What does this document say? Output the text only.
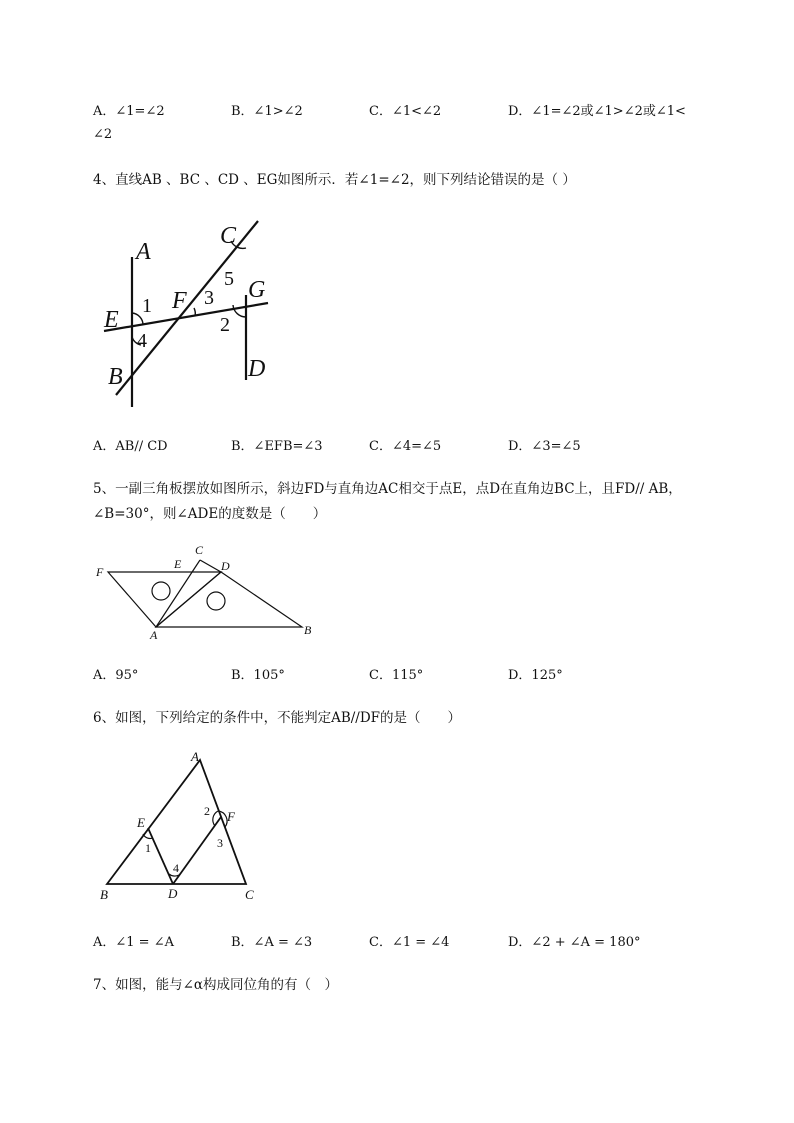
A．∠1=∠2	B．∠1>∠2	C．∠1<∠2	D．∠1=∠2或∠1>∠2或∠1<
∠2
4、直线AB 、BC 、CD 、EG如图所示．若∠1=∠2，则下列结论错误的是（ ）
A
C
G
E
F
D
B
1
4
3
5
2
A．AB// CD	B．∠EFB=∠3	C．∠4=∠5	D．∠3=∠5
5、一副三角板摆放如图所示，斜边FD与直角边AC相交于点E，点D在直角边BC上，且FD// AB，
∠B=30°，则∠ADE的度数是（　　）
F
E
C
D
A	B
A．95°	B．105°	C．115°	D．125°
6、如图，下列给定的条件中，不能判定AB//DF的是（　　）
A
E	F
B	D	C
1
4
2
3
A．∠1 = ∠A	B．∠A = ∠3	C．∠1 = ∠4	D．∠2 + ∠A = 180°
7、如图，能与∠α构成同位角的有（　）
